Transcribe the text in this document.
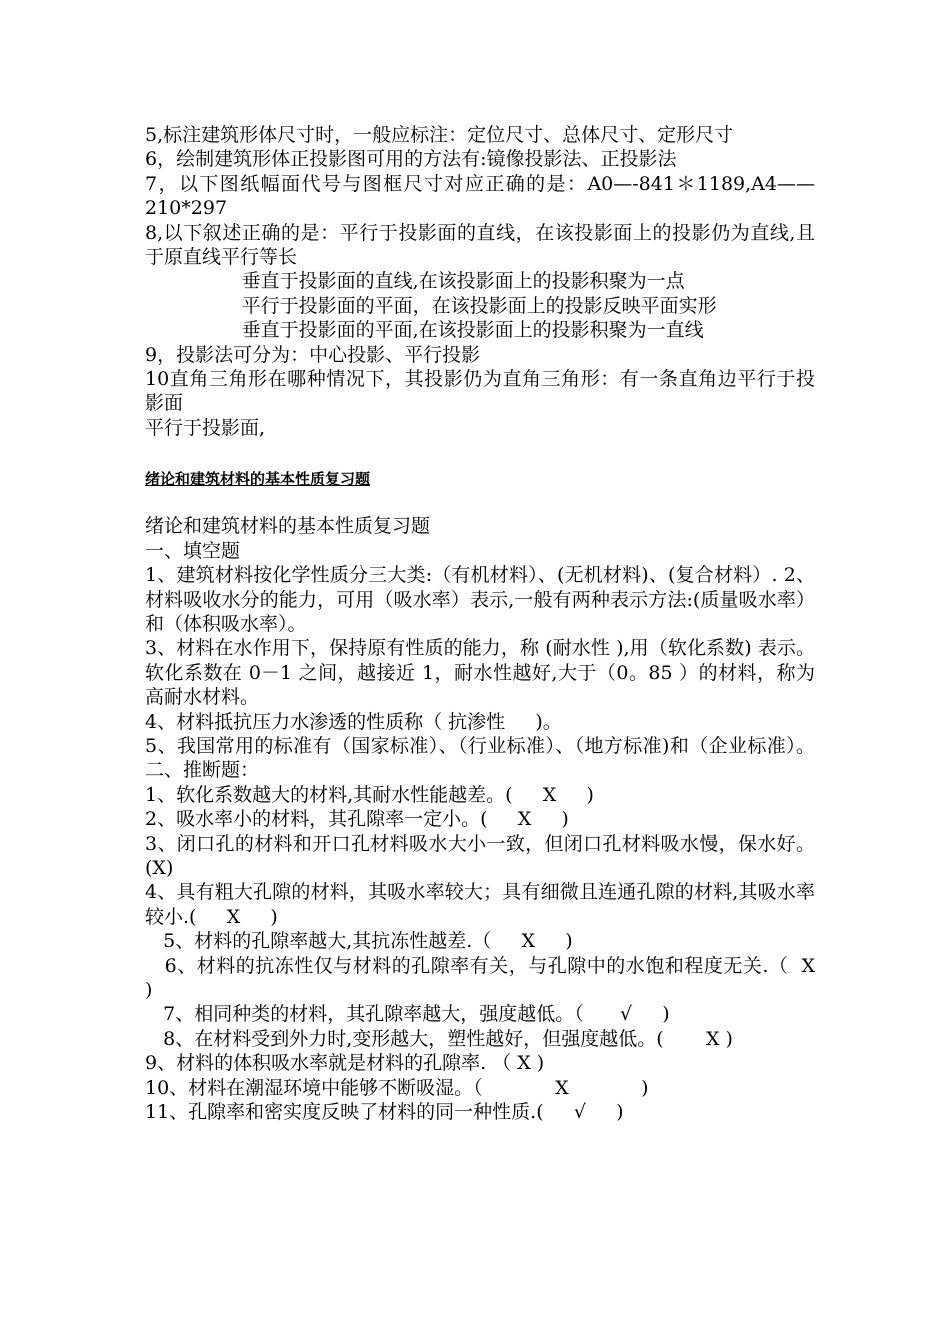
5,标注建筑形体尺寸时，一般应标注：定位尺寸、总体尺寸、定形尺寸

6，绘制建筑形体正投影图可用的方法有:镜像投影法、正投影法

7，以下图纸幅面代号与图框尺寸对应正确的是：A0—-841＊1189,A4——210*297

8,以下叙述正确的是：平行于投影面的直线，在该投影面上的投影仍为直线,且于原直线平行等长

垂直于投影面的直线,在该投影面上的投影积聚为一点

平行于投影面的平面，在该投影面上的投影反映平面实形

垂直于投影面的平面,在该投影面上的投影积聚为一直线

9，投影法可分为：中心投影、平行投影

10直角三角形在哪种情况下，其投影仍为直角三角形：有一条直角边平行于投影面

平行于投影面,

绪论和建筑材料的基本性质复习题

绪论和建筑材料的基本性质复习题

一、填空题

1、建筑材料按化学性质分三大类:（有机材料）、(无机材料)、(复合材料）. 2、材料吸收水分的能力，可用（吸水率）表示,一般有两种表示方法:(质量吸水率）和（体积吸水率）。

3、材料在水作用下，保持原有性质的能力，称 (耐水性 ),用（软化系数) 表示。软化系数在 0－1 之间，越接近 1，耐水性越好,大于（0。85 ）的材料，称为高耐水材料。

4、材料抵抗压力水渗透的性质称（ 抗渗性     )。

5、我国常用的标准有（国家标准）、（行业标准）、（地方标准)和（企业标准）。二、推断题：

1、软化系数越大的材料,其耐水性能越差。(     X     )

2、吸水率小的材料，其孔隙率一定小。(     X     )

3、闭口孔的材料和开口孔材料吸水大小一致，但闭口孔材料吸水慢，保水好。(X)

4、具有粗大孔隙的材料，其吸水率较大；具有细微且连通孔隙的材料,其吸水率较小.(     X     )

5、材料的孔隙率越大,其抗冻性越差.（     X     )

6、材料的抗冻性仅与材料的孔隙率有关，与孔隙中的水饱和程度无关.（  X     )

7、相同种类的材料，其孔隙率越大，强度越低。（      √     )

8、在材料受到外力时,变形越大，塑性越好，但强度越低。(       X )

9、材料的体积吸水率就是材料的孔隙率. （ X )

10、材料在潮湿环境中能够不断吸湿。（            X            )

11、孔隙率和密实度反映了材料的同一种性质.(     √     )
